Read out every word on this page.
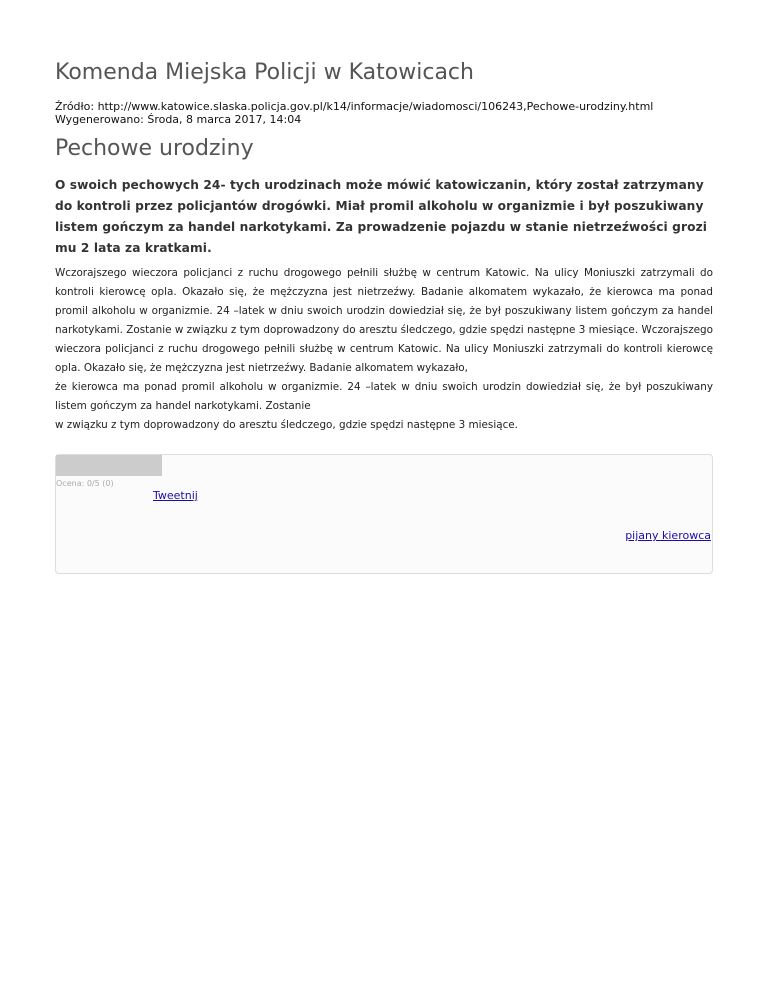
Komenda Miejska Policji w Katowicach
Źródło: http://www.katowice.slaska.policja.gov.pl/k14/informacje/wiadomosci/106243,Pechowe-urodziny.html
Wygenerowano: Środa, 8 marca 2017, 14:04
Pechowe urodziny

O swoich pechowych 24- tych urodzinach może mówić katowiczanin, który został zatrzymany do kontroli przez policjantów drogówki. Miał promil alkoholu w organizmie i był poszukiwany listem gończym za handel narkotykami. Za prowadzenie pojazdu w stanie nietrzeźwości grozi mu 2 lata za kratkami.

Wczorajszego wieczora policjanci z ruchu drogowego pełnili służbę w centrum Katowic. Na ulicy Moniuszki zatrzymali do kontroli kierowcę opla. Okazało się, że mężczyzna jest nietrzeźwy. Badanie alkomatem wykazało, że kierowca ma ponad promil alkoholu w organizmie. 24 –latek w dniu swoich urodzin dowiedział się, że był poszukiwany listem gończym za handel narkotykami. Zostanie w związku z tym doprowadzony do aresztu śledczego, gdzie spędzi następne 3 miesiące. Wczorajszego wieczora policjanci z ruchu drogowego pełnili służbę w centrum Katowic. Na ulicy Moniuszki zatrzymali do kontroli kierowcę opla. Okazało się, że mężczyzna jest nietrzeźwy. Badanie alkomatem wykazało,
że kierowca ma ponad promil alkoholu w organizmie. 24 –latek w dniu swoich urodzin dowiedział się, że był poszukiwany listem gończym za handel narkotykami. Zostanie
w związku z tym doprowadzony do aresztu śledczego, gdzie spędzi następne 3 miesiące.
Ocena: 0/5 (0)
Tweetnij
pijany kierowca
